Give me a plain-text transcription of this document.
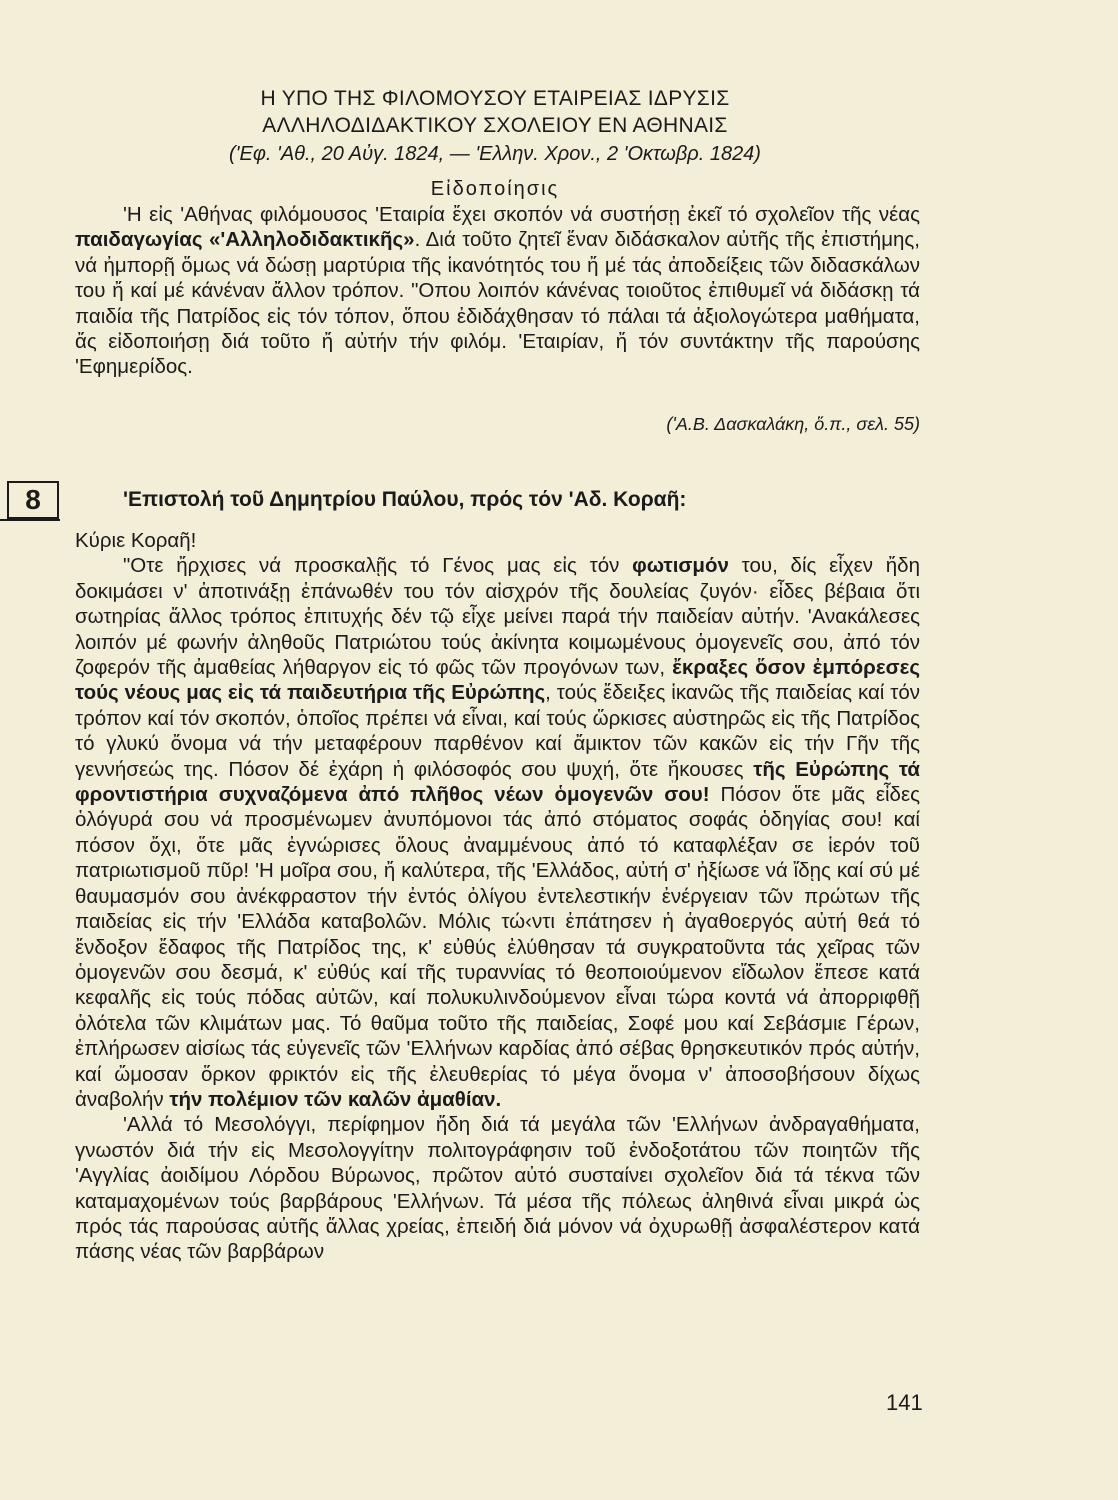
Η ΥΠΟ ΤΗΣ ΦΙΛΟΜΟΥΣΟΥ ΕΤΑΙΡΕΙΑΣ ΙΔΡΥΣΙΣ
ΑΛΛΗΛΟΔΙΔΑΚΤΙΚΟΥ ΣΧΟΛΕΙΟΥ ΕΝ ΑΘΗΝΑΙΣ
('Εφ. 'Αθ., 20 Αὐγ. 1824, — 'Ελλην. Χρον., 2 'Οκτωβρ. 1824)
Εἰδοποίησις

'Η εἰς 'Αθήνας φιλόμουσος 'Εταιρία ἔχει σκοπόν νά συστήσῃ ἐκεῖ τό σχολεῖον τῆς νέας παιδαγωγίας «'Αλληλοδιδακτικῆς». Διά τοῦτο ζητεῖ ἕναν διδάσκαλον αὐτῆς τῆς ἐπιστήμης, νά ἠμπορῇ ὅμως νά δώσῃ μαρτύρια τῆς ἱκανότητός του ἤ μέ τάς ἀποδείξεις τῶν διδασκάλων του ἤ καί μέ κάνέναν ἄλλον τρόπον. "Οπου λοιπόν κάνένας τοιοῦτος ἐπιθυμεῖ νά διδάσκῃ τά παιδία τῆς Πατρίδος εἰς τόν τόπον, ὅπου ἐδιδάχθησαν τό πάλαι τά ἀξιολογώτερα μαθήματα, ἄς εἰδοποιήσῃ διά τοῦτο ἤ αὐτήν τήν φιλόμ. 'Εταιρίαν, ἤ τόν συντάκτην τῆς παρούσης 'Εφημερίδος.

('Α.Β. Δασκαλάκη, ὅ.π., σελ. 55)
8	'Επιστολή τοῦ Δημητρίου Παύλου, πρός τόν 'Αδ. Κοραῆ:

Κύριε Κοραῆ!

"Οτε ἤρχισες νά προσκαλῇς τό Γένος μας εἰς τόν φωτισμόν του, δίς εἶχεν ἤδη δοκιμάσει ν' ἀποτινάξῃ ἐπάνωθέν του τόν αἰσχρόν τῆς δουλείας ζυγόν· εἶδες βέβαια ὅτι σωτηρίας ἄλλος τρόπος ἐπιτυχής δέν τῷ εἶχε μείνει παρά τήν παιδείαν αὐτήν. 'Ανακάλεσες λοιπόν μέ φωνήν ἀληθοῦς Πατριώτου τούς ἀκίνητα κοιμωμένους ὁμογενεῖς σου, ἀπό τόν ζοφερόν τῆς ἀμαθείας λήθαργον εἰς τό φῶς τῶν προγόνων των, ἔκραξες ὅσον ἐμπόρεσες τούς νέους μας εἰς τά παιδευτήρια τῆς Εὐρώπης, τούς ἔδειξες ἱκανῶς τῆς παιδείας καί τόν τρόπον καί τόν σκοπόν, ὁποῖος πρέπει νά εἶναι, καί τούς ὥρκισες αὐστηρῶς εἰς τῆς Πατρίδος τό γλυκύ ὄνομα νά τήν μεταφέρουν παρθένον καί ἄμικτον τῶν κακῶν εἰς τήν Γῆν τῆς γεννήσεώς της. Πόσον δέ ἐχάρη ἡ φιλόσοφός σου ψυχή, ὅτε ἤκουσες τῆς Εὐρώπης τά φροντιστήρια συχναζόμενα ἀπό πλῆθος νέων ὁμογενῶν σου! Πόσον ὅτε μᾶς εἶδες ὁλόγυρά σου νά προσμένωμεν ἀνυπόμονοι τάς ἀπό στόματος σοφάς ὁδηγίας σου! καί πόσον ὄχι, ὅτε μᾶς ἐγνώρισες ὅλους ἀναμμένους ἀπό τό καταφλέξαν σε ἱερόν τοῦ πατριωτισμοῦ πῦρ! 'Η μοῖρα σου, ἤ καλύτερα, τῆς 'Ελλάδος, αὐτή σ' ἠξίωσε νά ἴδῃς καί σύ μέ θαυμασμόν σου ἀνέκφραστον τήν ἐντός ὀλίγου ἐντελεστικήν ἐνέργειαν τῶν πρώτων τῆς παιδείας εἰς τήν 'Ελλάδα καταβολῶν. Μόλις τώ‹ντι ἐπάτησεν ἡ ἀγαθοεργός αὐτή θεά τό ἔνδοξον ἔδαφος τῆς Πατρίδος της, κ' εὐθύς ἐλύθησαν τά συγκρατοῦντα τάς χεῖρας τῶν ὁμογενῶν σου δεσμά, κ' εὐθύς καί τῆς τυραννίας τό θεοποιούμενον εἴδωλον ἔπεσε κατά κεφαλῆς εἰς τούς πόδας αὐτῶν, καί πολυκυλινδούμενον εἶναι τώρα κοντά νά ἀπορριφθῇ ὁλότελα τῶν κλιμάτων μας. Τό θαῦμα τοῦτο τῆς παιδείας, Σοφέ μου καί Σεβάσμιε Γέρων, ἐπλήρωσεν αἰσίως τάς εὐγενεῖς τῶν 'Ελλήνων καρδίας ἀπό σέβας θρησκευτικόν πρός αὐτήν, καί ὤμοσαν ὅρκον φρικτόν εἰς τῆς ἐλευθερίας τό μέγα ὄνομα ν' ἀποσοβήσουν δίχως ἀναβολήν τήν πολέμιον τῶν καλῶν ἀμαθίαν.

'Αλλά τό Μεσολόγγι, περίφημον ἤδη διά τά μεγάλα τῶν 'Ελλήνων ἀνδραγαθήματα, γνωστόν διά τήν εἰς Μεσολογγίτην πολιτογράφησιν τοῦ ἐνδοξοτάτου τῶν ποιητῶν τῆς 'Αγγλίας ἀοιδίμου Λόρδου Βύρωνος, πρῶτον αὐτό συσταίνει σχολεῖον διά τά τέκνα τῶν καταμαχομένων τούς βαρβάρους 'Ελλήνων. Τά μέσα τῆς πόλεως ἀληθινά εἶναι μικρά ὡς πρός τάς παρούσας αὐτῆς ἄλλας χρείας, ἐπειδή διά μόνον νά ὀχυρωθῇ ἀσφαλέστερον κατά πάσης νέας τῶν βαρβάρων

141
